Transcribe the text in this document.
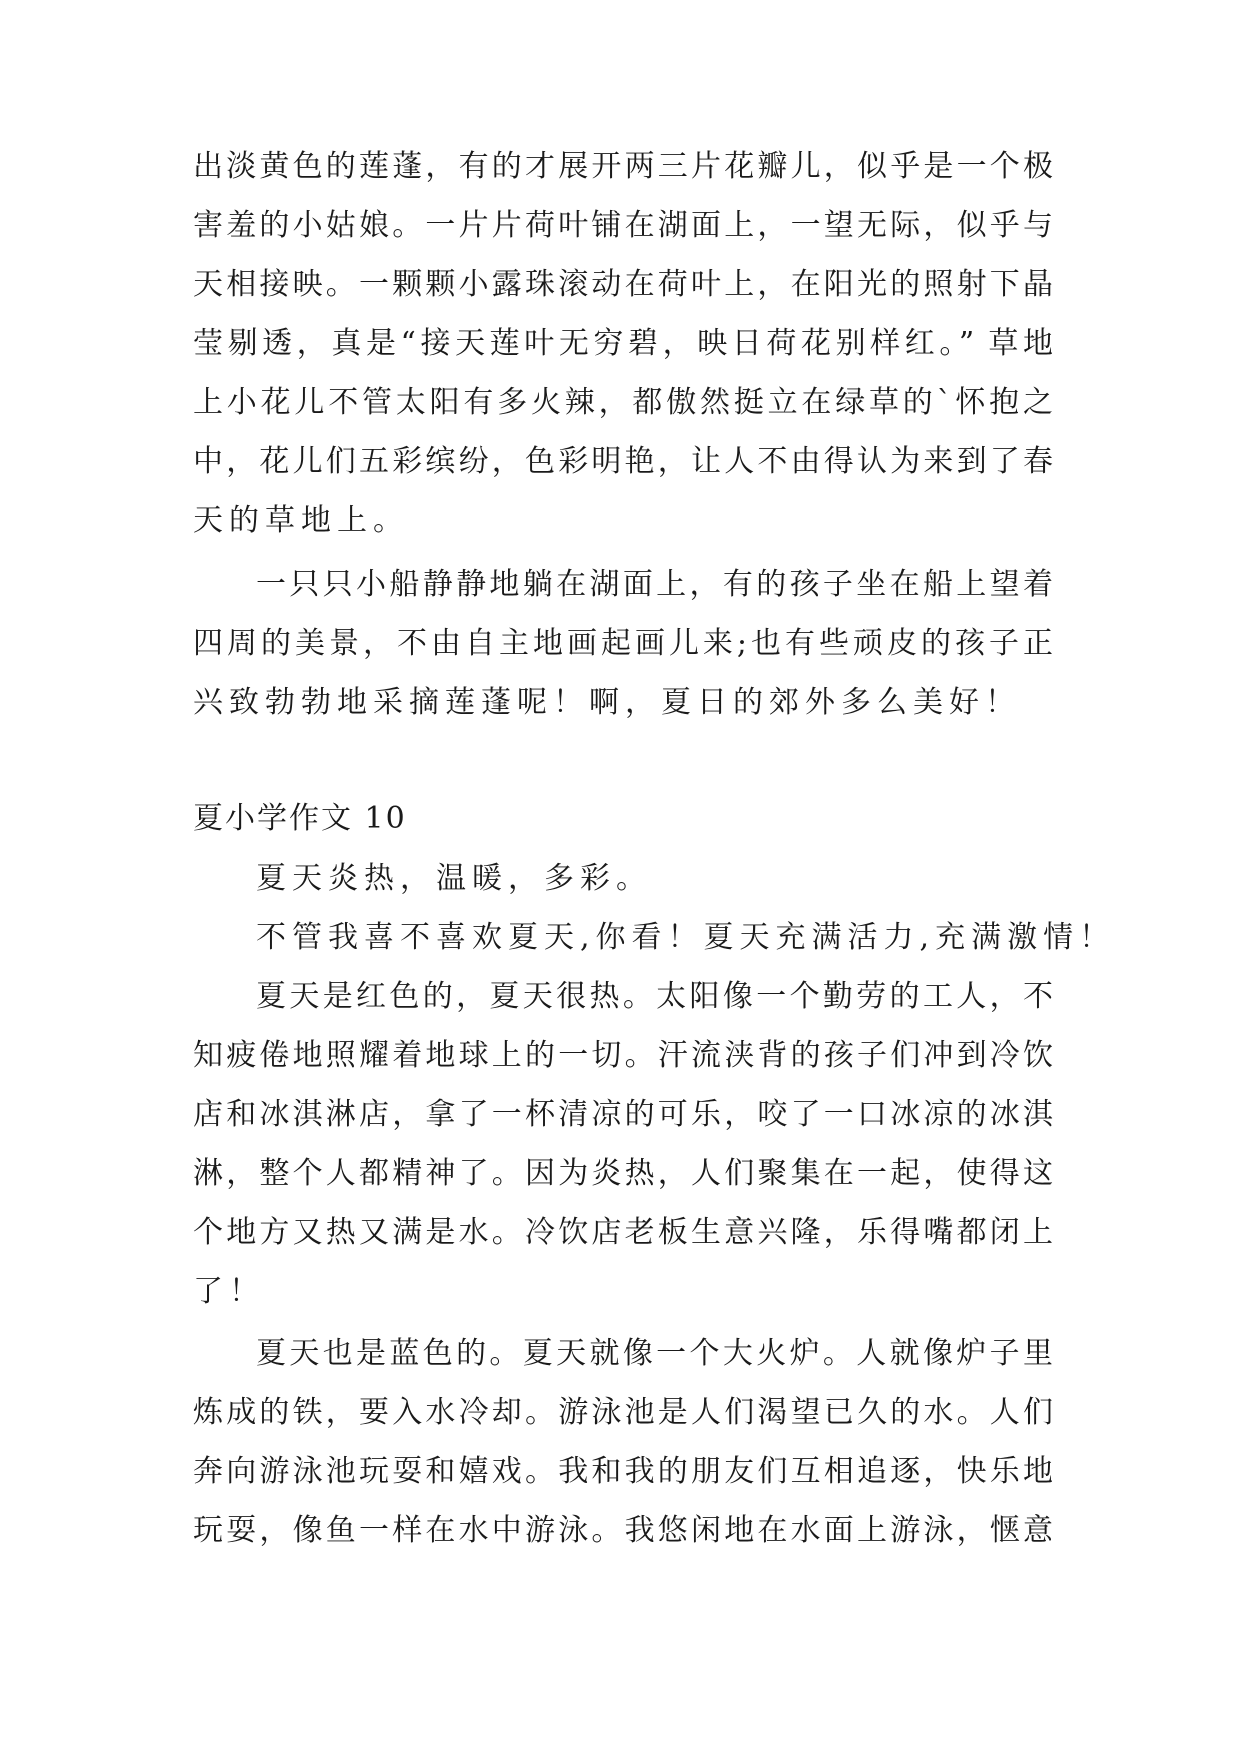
出淡黄色的莲蓬，有的才展开两三片花瓣儿，似乎是一个极
害羞的小姑娘。一片片荷叶铺在湖面上，一望无际，似乎与
天相接映。一颗颗小露珠滚动在荷叶上，在阳光的照射下晶
莹剔透，真是“接天莲叶无穷碧，映日荷花别样红。” 草地
上小花儿不管太阳有多火辣，都傲然挺立在绿草的`怀抱之
中，花儿们五彩缤纷，色彩明艳，让人不由得认为来到了春
天的草地上。
一只只小船静静地躺在湖面上，有的孩子坐在船上望着
四周的美景，不由自主地画起画儿来;也有些顽皮的孩子正
兴致勃勃地采摘莲蓬呢！啊，夏日的郊外多么美好！
夏小学作文 10
夏天炎热，温暖，多彩。
不管我喜不喜欢夏天,你看！夏天充满活力,充满激情！
夏天是红色的，夏天很热。太阳像一个勤劳的工人，不
知疲倦地照耀着地球上的一切。汗流浃背的孩子们冲到冷饮
店和冰淇淋店，拿了一杯清凉的可乐，咬了一口冰凉的冰淇
淋，整个人都精神了。因为炎热，人们聚集在一起，使得这
个地方又热又满是水。冷饮店老板生意兴隆，乐得嘴都闭上
了！
夏天也是蓝色的。夏天就像一个大火炉。人就像炉子里
炼成的铁，要入水冷却。游泳池是人们渴望已久的水。人们
奔向游泳池玩耍和嬉戏。我和我的朋友们互相追逐，快乐地
玩耍，像鱼一样在水中游泳。我悠闲地在水面上游泳，惬意
